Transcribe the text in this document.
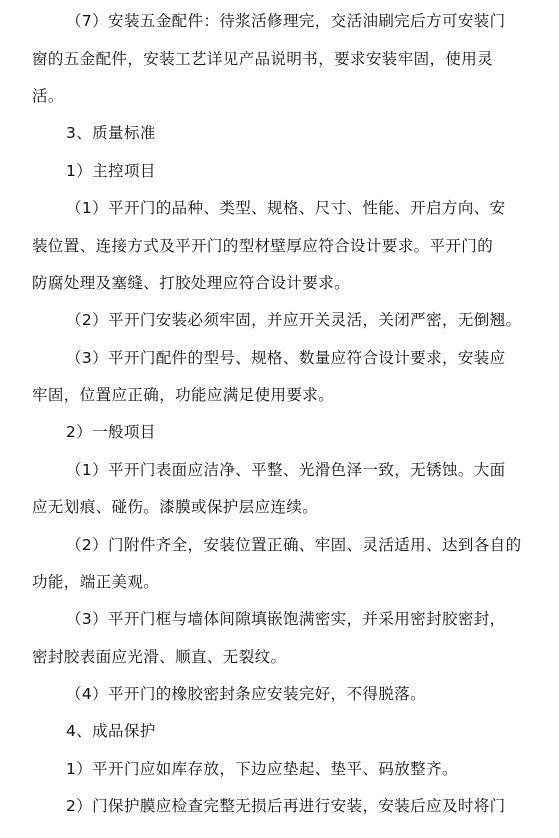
（7）安装五金配件：待浆活修理完，交活油刷完后方可安装门
窗的五金配件，安装工艺详见产品说明书，要求安装牢固，使用灵
活。
3、质量标准
1）主控项目
（1）平开门的品种、类型、规格、尺寸、性能、开启方向、安
装位置、连接方式及平开门的型材壁厚应符合设计要求。平开门的
防腐处理及塞缝、打胶处理应符合设计要求。
（2）平开门安装必须牢固，并应开关灵活，关闭严密，无倒翘。
（3）平开门配件的型号、规格、数量应符合设计要求，安装应
牢固，位置应正确，功能应满足使用要求。
2）一般项目
（1）平开门表面应洁净、平整、光滑色泽一致，无锈蚀。大面
应无划痕、碰伤。漆膜或保护层应连续。
（2）门附件齐全，安装位置正确、牢固、灵活适用、达到各自的
功能，端正美观。
（3）平开门框与墙体间隙填嵌饱满密实，并采用密封胶密封，
密封胶表面应光滑、顺直、无裂纹。
（4）平开门的橡胶密封条应安装完好，不得脱落。
4、成品保护
1）平开门应如库存放，下边应垫起、垫平、码放整齐。
2）门保护膜应检查完整无损后再进行安装，安装后应及时将门
